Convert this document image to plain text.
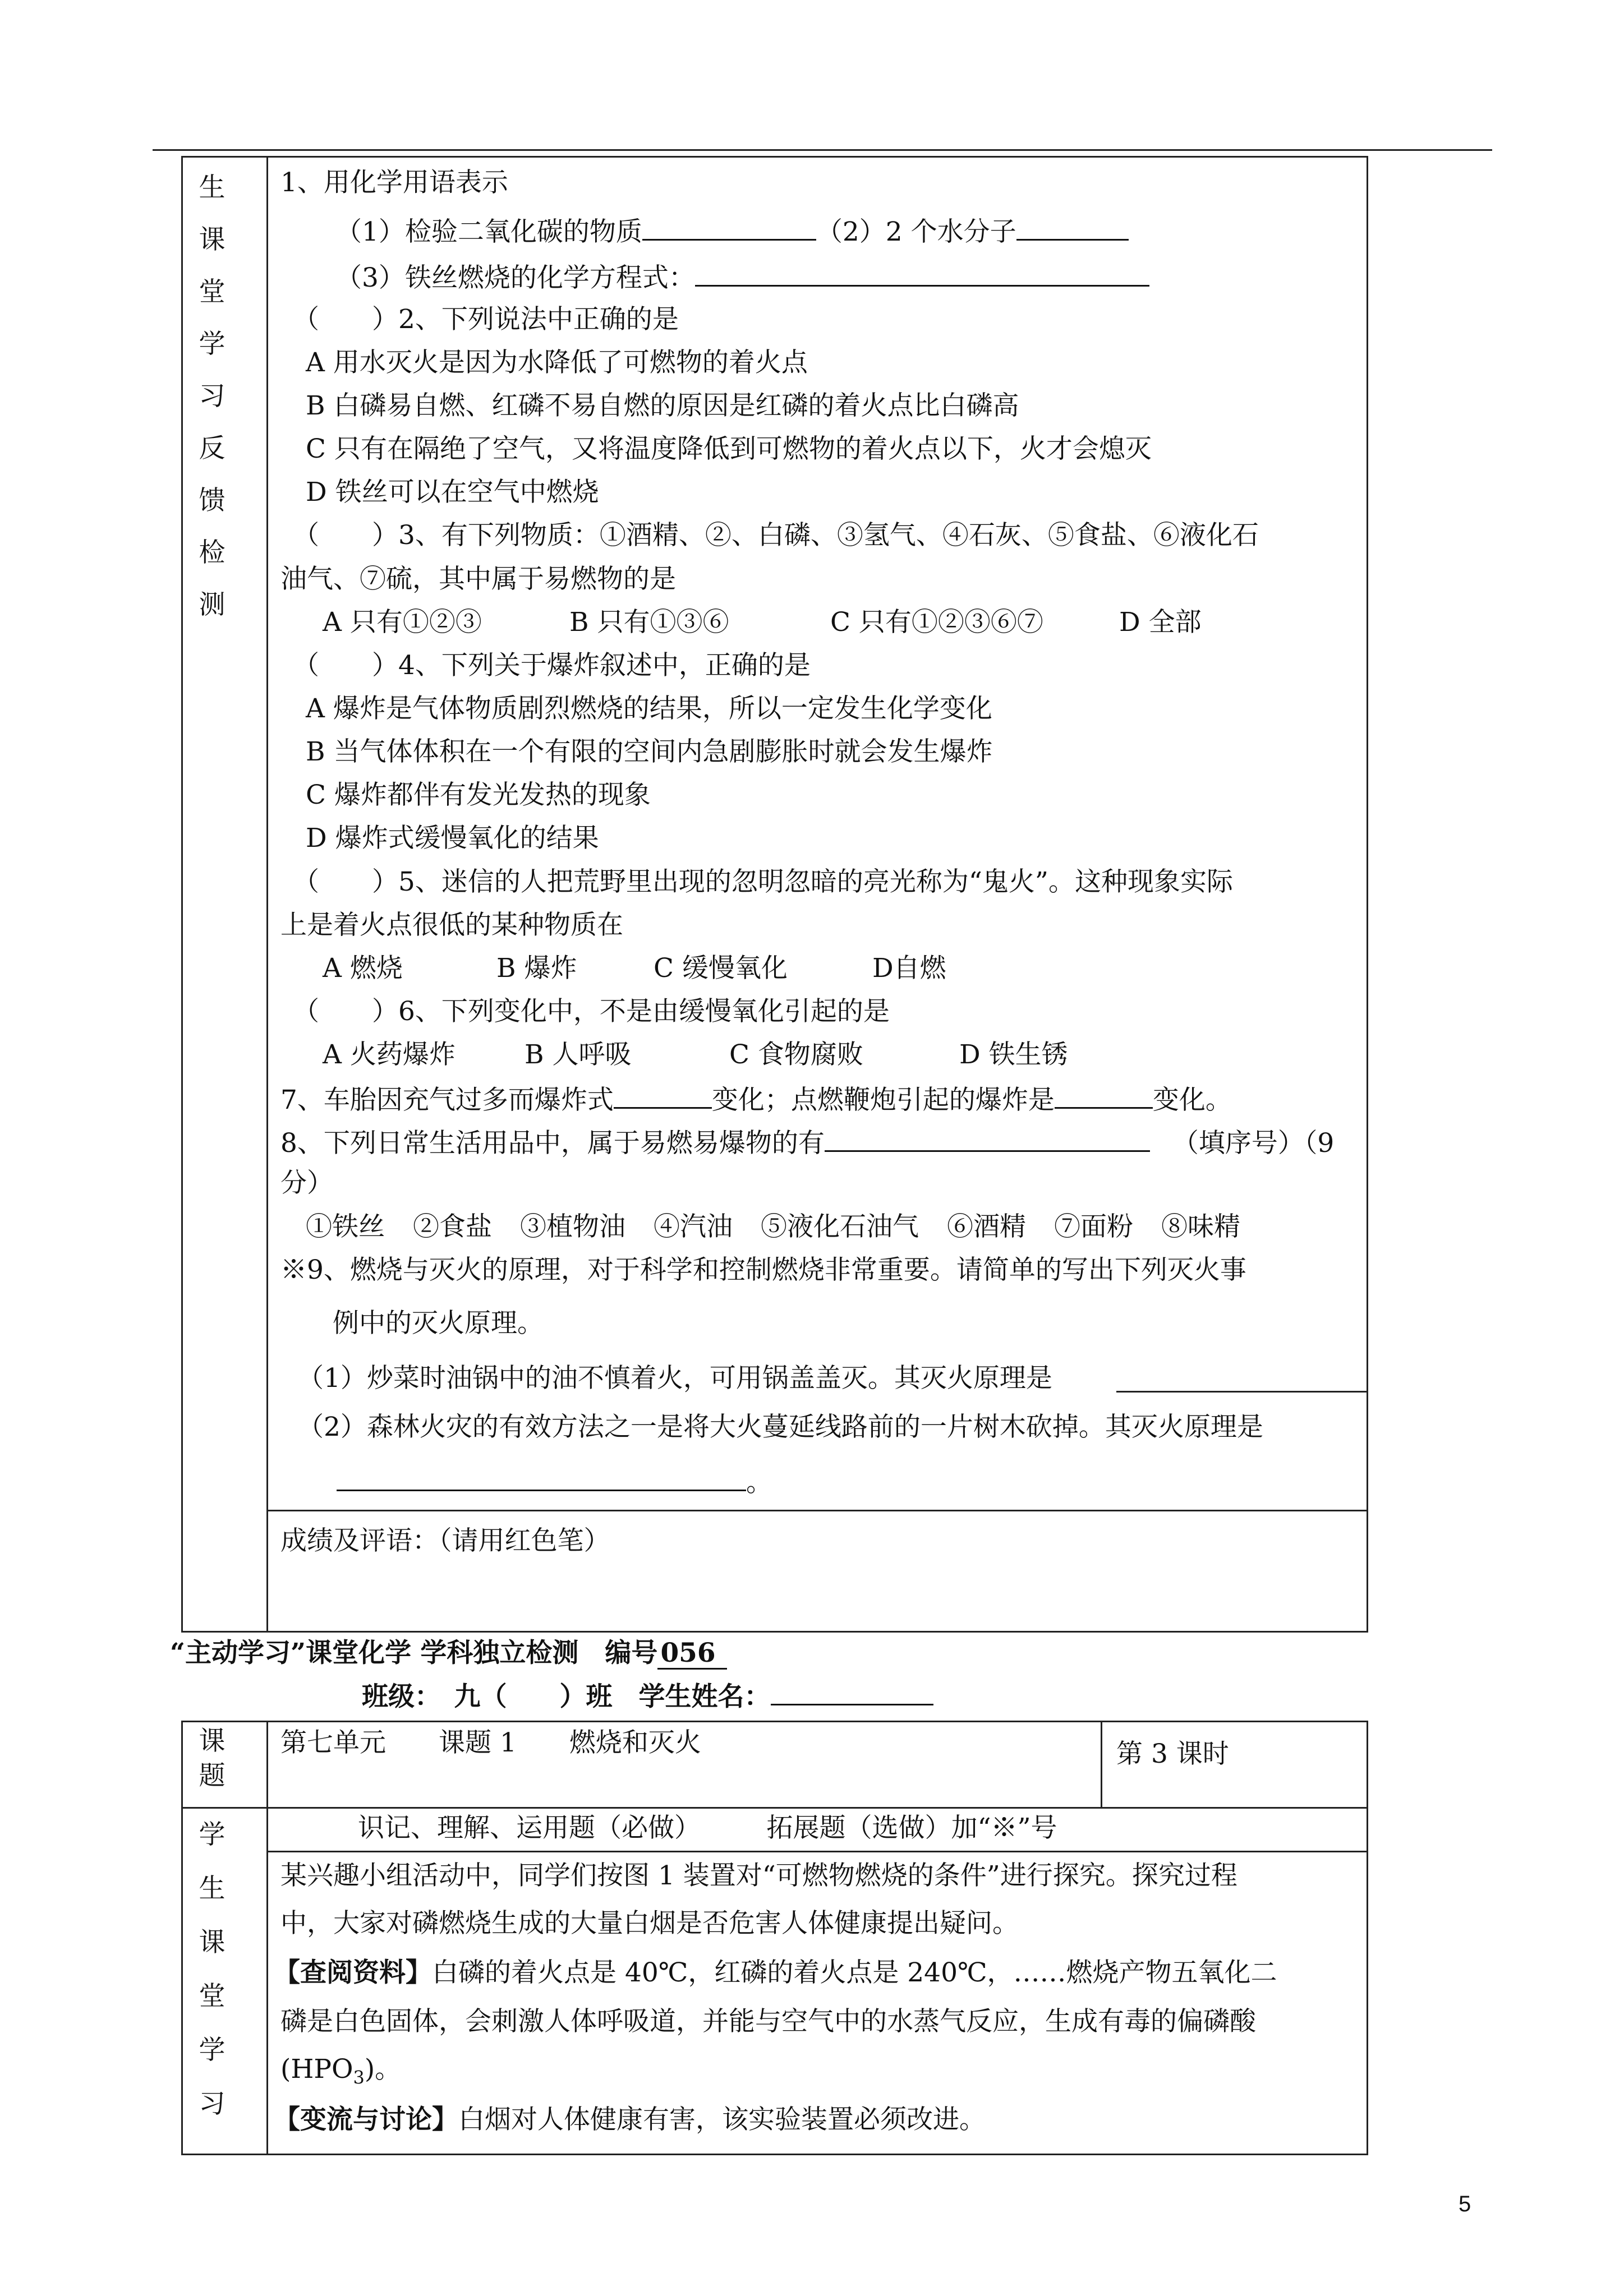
生
课
堂
学
习
反
馈
检
测
1、用化学用语表示
（1）检验二氧化碳的物质	（2）2 个水分子
（3）铁丝燃烧的化学方程式：
（　　）2、下列说法中正确的是
A 用水灭火是因为水降低了可燃物的着火点
B 白磷易自燃、红磷不易自燃的原因是红磷的着火点比白磷高
C 只有在隔绝了空气，又将温度降低到可燃物的着火点以下，火才会熄灭
D 铁丝可以在空气中燃烧
（　　）3、有下列物质：①酒精、②、白磷、③氢气、④石灰、⑤食盐、⑥液化石
油气、⑦硫，其中属于易燃物的是
A 只有①②③	B 只有①③⑥	C 只有①②③⑥⑦	D 全部
（　　）4、下列关于爆炸叙述中，正确的是
A 爆炸是气体物质剧烈燃烧的结果，所以一定发生化学变化
B 当气体体积在一个有限的空间内急剧膨胀时就会发生爆炸
C 爆炸都伴有发光发热的现象
D 爆炸式缓慢氧化的结果
（　　）5、迷信的人把荒野里出现的忽明忽暗的亮光称为“鬼火”。这种现象实际
上是着火点很低的某种物质在
A 燃烧	B 爆炸	C 缓慢氧化	D自燃
（　　）6、下列变化中，不是由缓慢氧化引起的是
A 火药爆炸	B 人呼吸	C 食物腐败	D 铁生锈
7、车胎因充气过多而爆炸式	变化；点燃鞭炮引起的爆炸是	变化。
8、下列日常生活用品中，属于易燃易爆物的有	（填序号）（9
分）
①铁丝 ②食盐 ③植物油 ④汽油 ⑤液化石油气 ⑥酒精 ⑦面粉 ⑧味精
※9、燃烧与灭火的原理，对于科学和控制燃烧非常重要。请简单的写出下列灭火事
例中的灭火原理。
（1）炒菜时油锅中的油不慎着火，可用锅盖盖灭。其灭火原理是
（2）森林火灾的有效方法之一是将大火蔓延线路前的一片树木砍掉。其灭火原理是
。
成绩及评语：（请用红色笔）
“主动学习”课堂化学 学科独立检测　编号 056
班级：　九（　　）班　学生姓名：
课
题
第七单元　　课题 1　　燃烧和灭火	第 3 课时
学
生
课
堂
学
习
识记、理解、运用题（必做）　　　拓展题（选做）加“※”号
某兴趣小组活动中，同学们按图 1 装置对“可燃物燃烧的条件”进行探究。探究过程
中，大家对磷燃烧生成的大量白烟是否危害人体健康提出疑问。
【查阅资料】白磷的着火点是 40℃，红磷的着火点是 240℃，……燃烧产物五氧化二
磷是白色固体，会刺激人体呼吸道，并能与空气中的水蒸气反应，生成有毒的偏磷酸
$(HPO_3)$。
【变流与讨论】白烟对人体健康有害，该实验装置必须改进。
5
